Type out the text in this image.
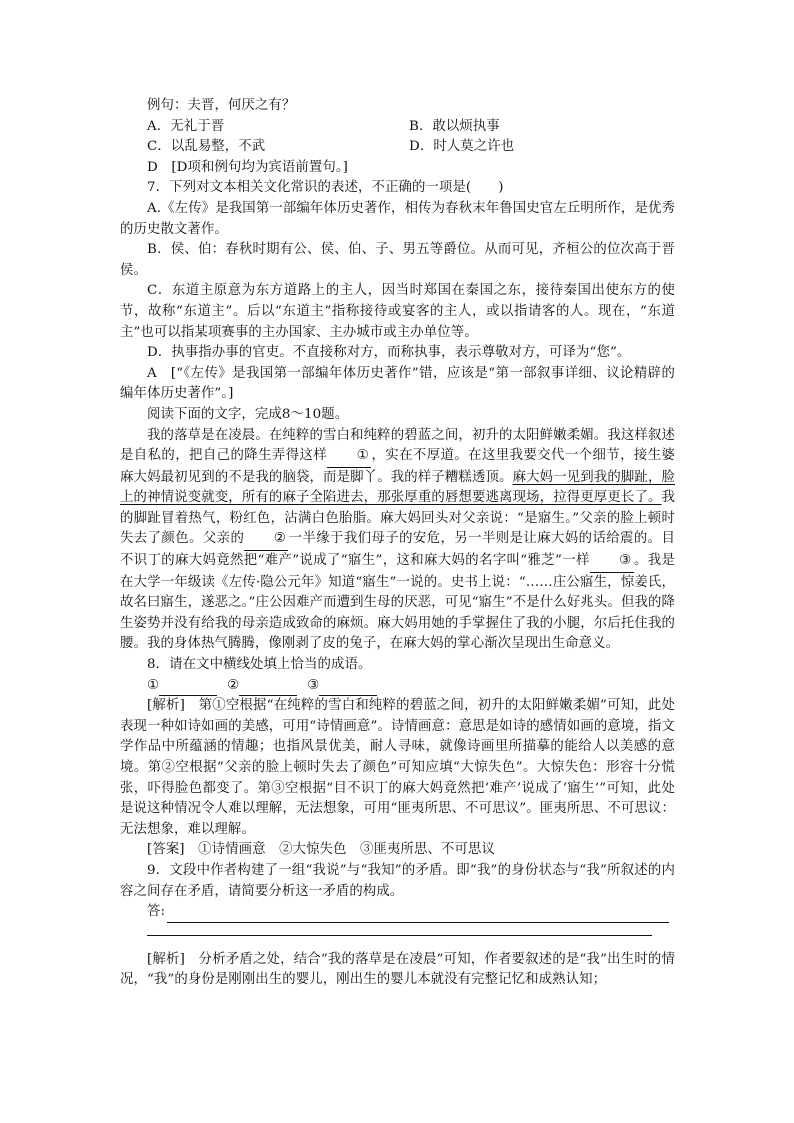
例句：夫晋，何厌之有？

A．无礼于晋	B．敢以烦执事
C．以乱易整，不武	D．时人莫之许也

D　[D项和例句均为宾语前置句。]

7．下列对文本相关文化常识的表述，不正确的一项是(　　)

A.《左传》是我国第一部编年体历史著作，相传为春秋末年鲁国史官左丘明所作，是优秀的历史散文著作。

B．侯、伯：春秋时期有公、侯、伯、子、男五等爵位。从而可见，齐桓公的位次高于晋侯。

C．东道主原意为东方道路上的主人，因当时郑国在秦国之东，接待秦国出使东方的使节，故称“东道主”。后以“东道主”指称接待或宴客的主人，或以指请客的人。现在，“东道主”也可以指某项赛事的主办国家、主办城市或主办单位等。

D．执事指办事的官吏。不直接称对方，而称执事，表示尊敬对方，可译为“您”。

A　[“《左传》是我国第一部编年体历史著作”错，应该是“第一部叙事详细、议论精辟的编年体历史著作”。]

阅读下面的文字，完成8～10题。

我的落草是在凌晨。在纯粹的雪白和纯粹的碧蓝之间，初升的太阳鲜嫩柔媚。我这样叙述是自私的，把自己的降生弄得这样 ① ，实在不厚道。在这里我要交代一个细节，接生婆麻大妈最初见到的不是我的脑袋，而是脚丫。我的样子糟糕透顶。麻大妈一见到我的脚趾，脸上的神情说变就变，所有的麻子全陷进去，那张厚重的唇想要逃离现场，拉得更厚更长了。我的脚趾冒着热气，粉红色，沾满白色胎脂。麻大妈回头对父亲说：“是寤生。”父亲的脸上顿时失去了颜色。父亲的 ② 一半缘于我们母子的安危，另一半则是让麻大妈的话给震的。目不识丁的麻大妈竟然把“难产”说成了“寤生”，这和麻大妈的名字叫“雅芝”一样 ③ 。我是在大学一年级读《左传·隐公元年》知道“寤生”一说的。史书上说：“……庄公寤生，惊姜氏，故名曰寤生，遂恶之。”庄公因难产而遭到生母的厌恶，可见“寤生”不是什么好兆头。但我的降生姿势并没有给我的母亲造成致命的麻烦。麻大妈用她的手掌握住了我的小腿，尔后托住我的腰。我的身体热气腾腾，像刚剥了皮的兔子，在麻大妈的掌心渐次呈现出生命意义。

8．请在文中横线处填上恰当的成语。

①	②	③

[解析]　 第①空根据“在纯粹的雪白和纯粹的碧蓝之间，初升的太阳鲜嫩柔媚”可知，此处表现一种如诗如画的美感，可用“诗情画意”。诗情画意：意思是如诗的感情如画的意境，指文学作品中所蕴涵的情趣；也指风景优美，耐人寻味，就像诗画里所描摹的能给人以美感的意境。第②空根据“父亲的脸上顿时失去了颜色”可知应填“大惊失色”。大惊失色：形容十分慌张，吓得脸色都变了。第③空根据“目不识丁的麻大妈竟然把‘难产’说成了‘寤生’”可知，此处是说这种情况令人难以理解，无法想象，可用“匪夷所思、不可思议”。匪夷所思、不可思议：无法想象，难以理解。

[答案]　 ①诗情画意　②大惊失色　③匪夷所思、不可思议

9．文段中作者构建了一组“我说”与“我知”的矛盾。即“我”的身份状态与“我”所叙述的内容之间存在矛盾，请简要分析这一矛盾的构成。

答:

[解析]　 分析矛盾之处，结合“我的落草是在凌晨”可知，作者要叙述的是“我”出生时的情况，“我”的身份是刚刚出生的婴儿，刚出生的婴儿本就没有完整记忆和成熟认知；
